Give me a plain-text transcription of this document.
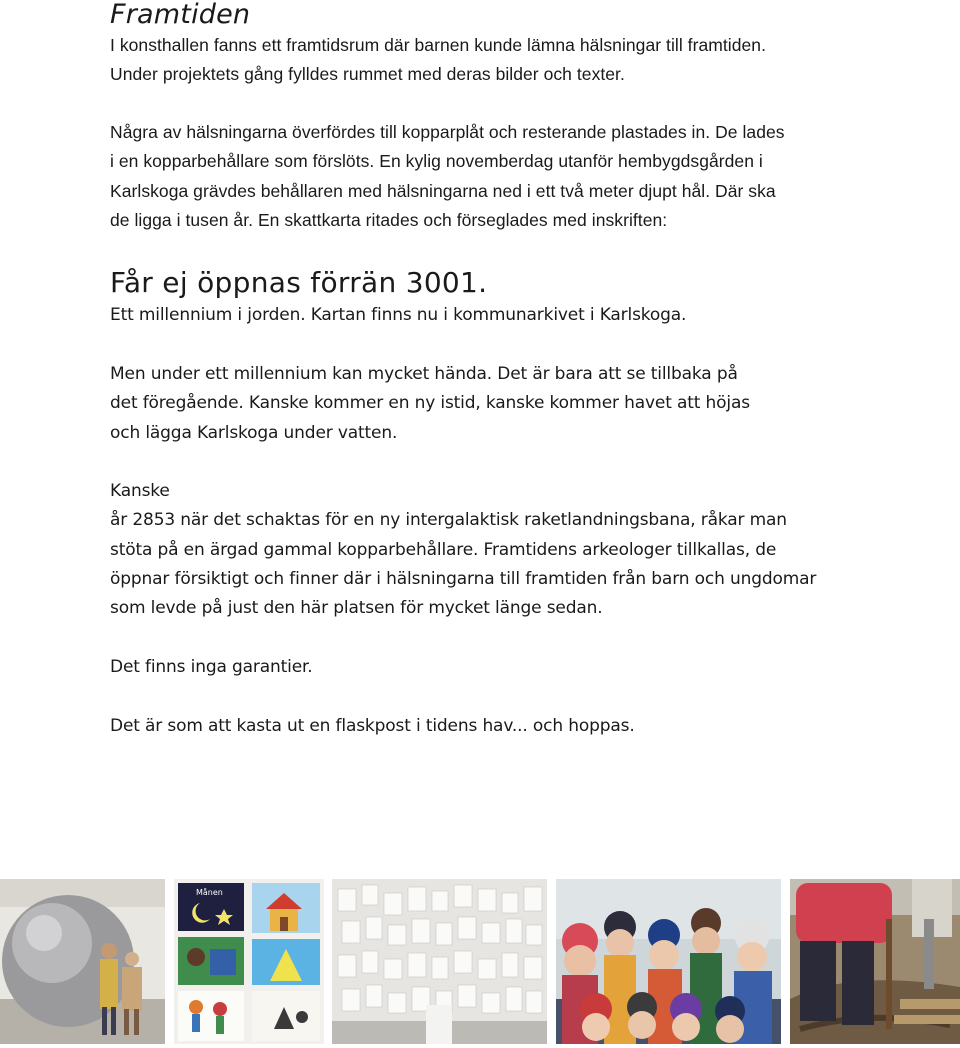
Framtiden

I konsthallen fanns ett framtidsrum där barnen kunde lämna hälsningar till framtiden.
Under projektets gång fylldes rummet med deras bilder och texter.

Några av hälsningarna överfördes till kopparplåt och resterande plastades in. De lades
i en kopparbehållare som förslöts. En kylig novemberdag utanför hembygdsgården i
Karlskoga grävdes behållaren med hälsningarna ned i ett två meter djupt hål. Där ska
de ligga i tusen år. En skattkarta ritades och förseglades med inskriften:

Får ej öppnas förrän 3001.

Ett millennium i jorden. Kartan finns nu i kommunarkivet i Karlskoga.

Men under ett millennium kan mycket hända. Det är bara att se tillbaka på
det föregående. Kanske kommer en ny istid, kanske kommer havet att höjas
och lägga Karlskoga under vatten.

Kanske
år 2853 när det schaktas för en ny intergalaktisk raketlandningsbana, råkar man
stöta på en ärgad gammal kopparbehållare. Framtidens arkeologer tillkallas, de
öppnar försiktigt och finner där i hälsningarna till framtiden från barn och ungdomar
som levde på just den här platsen för mycket länge sedan.

Det finns inga garantier.

Det är som att kasta ut en flaskpost i tidens hav... och hoppas.

Månen
